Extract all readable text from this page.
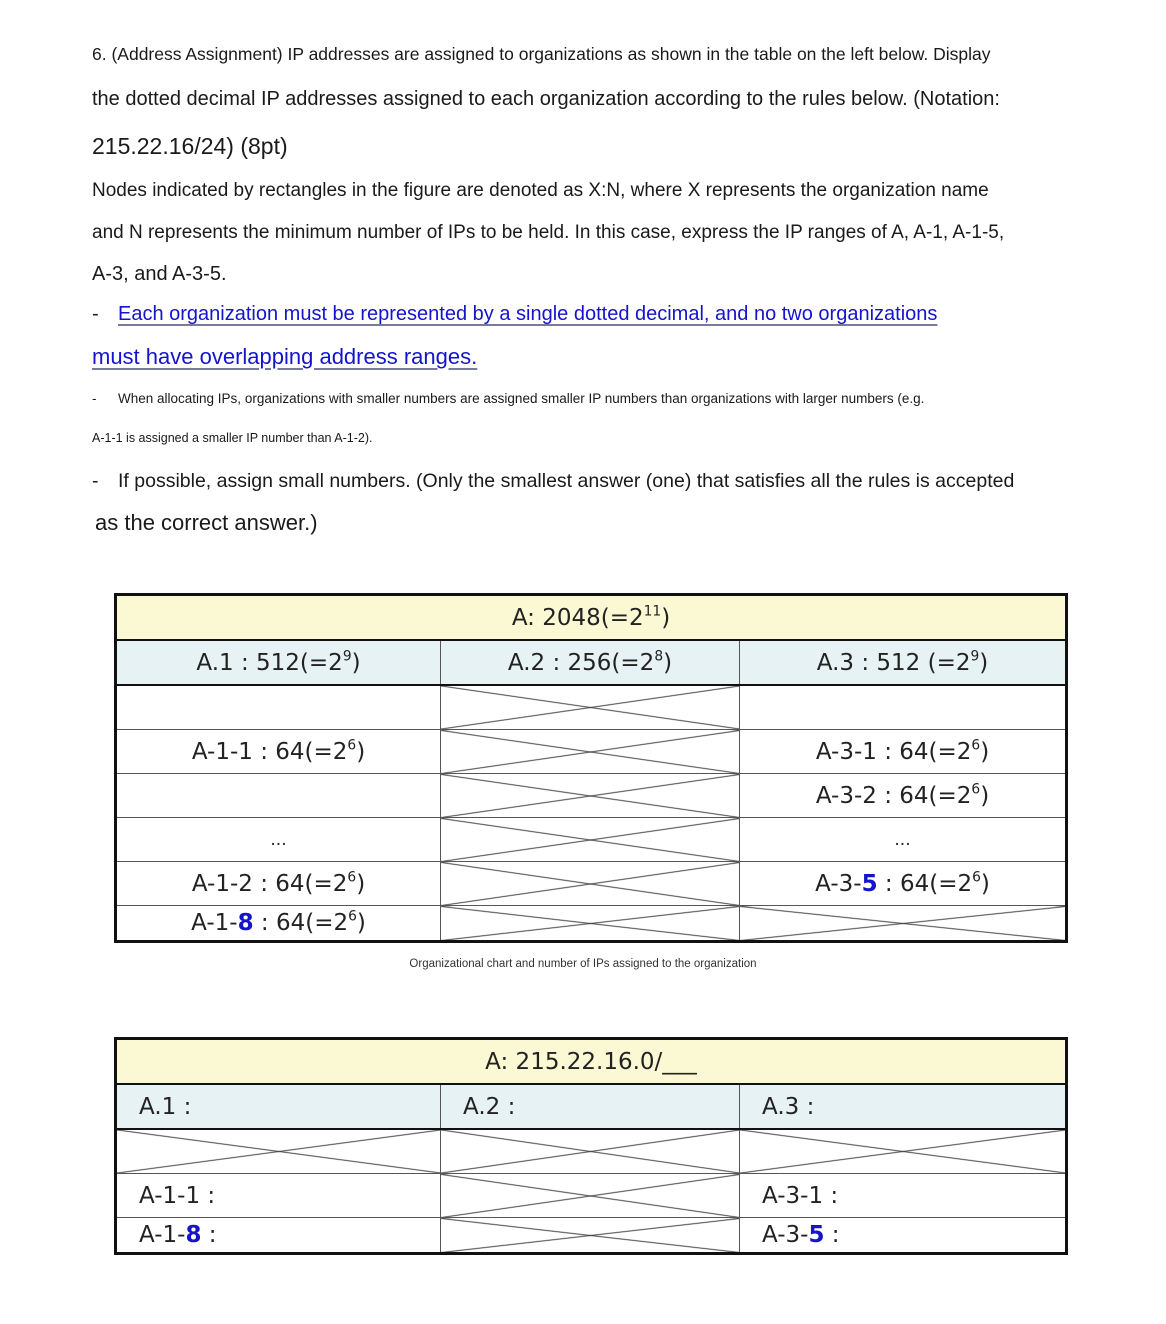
6. (Address Assignment) IP addresses are assigned to organizations as shown in the table on the left below. Display

the dotted decimal IP addresses assigned to each organization according to the rules below. (Notation:

215.22.16/24) (8pt)

Nodes indicated by rectangles in the figure are denoted as X:N, where X represents the organization name

and N represents the minimum number of IPs to be held. In this case, express the IP ranges of A, A-1, A-1-5,

A-3, and A-3-5.

- Each organization must be represented by a single dotted decimal, and no two organizations

must have overlapping address ranges.

- When allocating IPs, organizations with smaller numbers are assigned smaller IP numbers than organizations with larger numbers (e.g.

A-1-1 is assigned a smaller IP number than A-1-2).

- If possible, assign small numbers. (Only the smallest answer (one) that satisfies all the rules is accepted

as the correct answer.)

A: $2048(=2^{11})$		
A.1 : $512(=2^9)$	A.2 : $256(=2^8)$	A.3 : 512 $(=2^9)$

A-1-1 : $64(=2^6)$		A-3-1 : $64(=2^6)$
		A-3-2 : $64(=2^6)$
...		...
A-1-2 : $64(=2^6)$		A-3-5 : $64(=2^6)$
A-1-8 : $64(=2^6)$		
Organizational chart and number of IPs assigned to the organization
A: 215.22.16.0/___		
A.1 :	A.2 :	A.3 :

A-1-1 :		A-3-1 :
A-1-8 :		A-3-5 :
